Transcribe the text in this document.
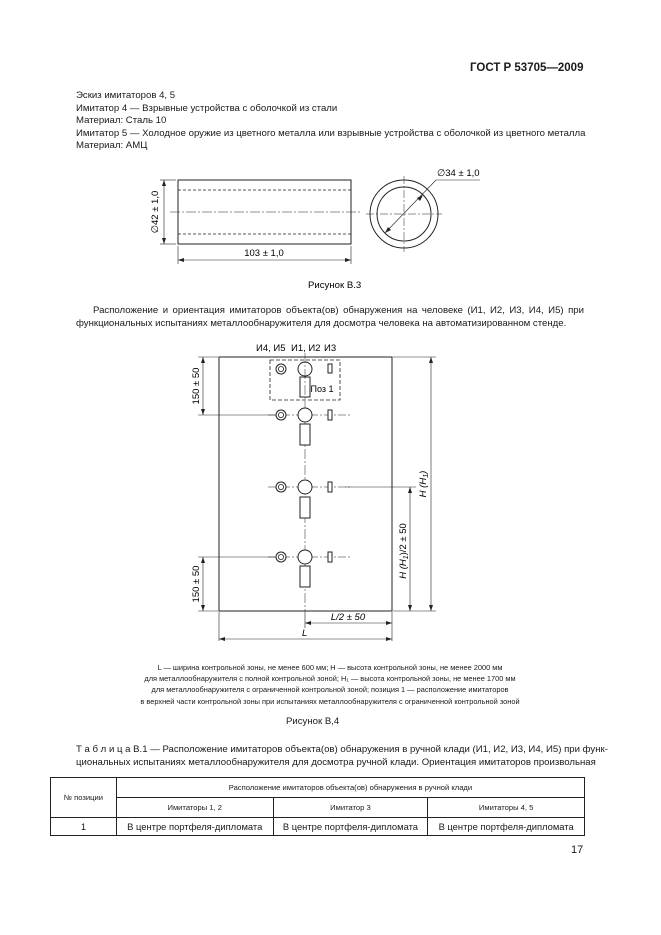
ГОСТ Р 53705—2009
Эскиз имитаторов 4, 5
Имитатор 4 — Взрывные устройства с оболочкой из стали
Материал: Сталь 10
Имитатор 5 — Холодное оружие из цветного металла или взрывные устройства с оболочкой из цветного металла
Материал: АМЦ
∅42 ± 1,0
103 ± 1,0
∅34 ± 1,0
Рисунок В.3
Расположение и ориентация имитаторов объекта(ов) обнаружения на человеке (И1, И2, И3, И4, И5) при
функциональных испытаниях металлообнаружителя для досмотра человека на автоматизированном стенде.
И4, И5 И1, И2 И3
Поз 1
150 ± 50
150 ± 50
H $(H_1)$
H $(H_1)/2 \pm 50$
L/2 ± 50
L
L — ширина контрольной зоны, не менее 600 мм; H — высота контрольной зоны, не менее 2000 мм
для металлообнаружителя с полной контрольной зоной; H₁ — высота контрольной зоны, не менее 1700 мм
для металлообнаружителя с ограниченной контрольной зоной; позиция 1 — расположение имитаторов
в верхней части контрольной зоны при испытаниях металлообнаружителя с ограниченной контрольной зоной
Рисунок В,4
Т а б л и ц а В.1 — Расположение имитаторов объекта(ов) обнаружения в ручной клади (И1, И2, И3, И4, И5) при функ-
циональных испытаниях металлообнаружителя для досмотра ручной клади. Ориентация имитаторов произвольная
№ позиции	Расположение имитаторов объекта(ов) обнаружения в ручной клади		
	Имитаторы 1, 2	Имитатор 3	Имитаторы 4, 5
1	В центре портфеля-дипломата	В центре портфеля-дипломата	В центре портфеля-дипломата
17
